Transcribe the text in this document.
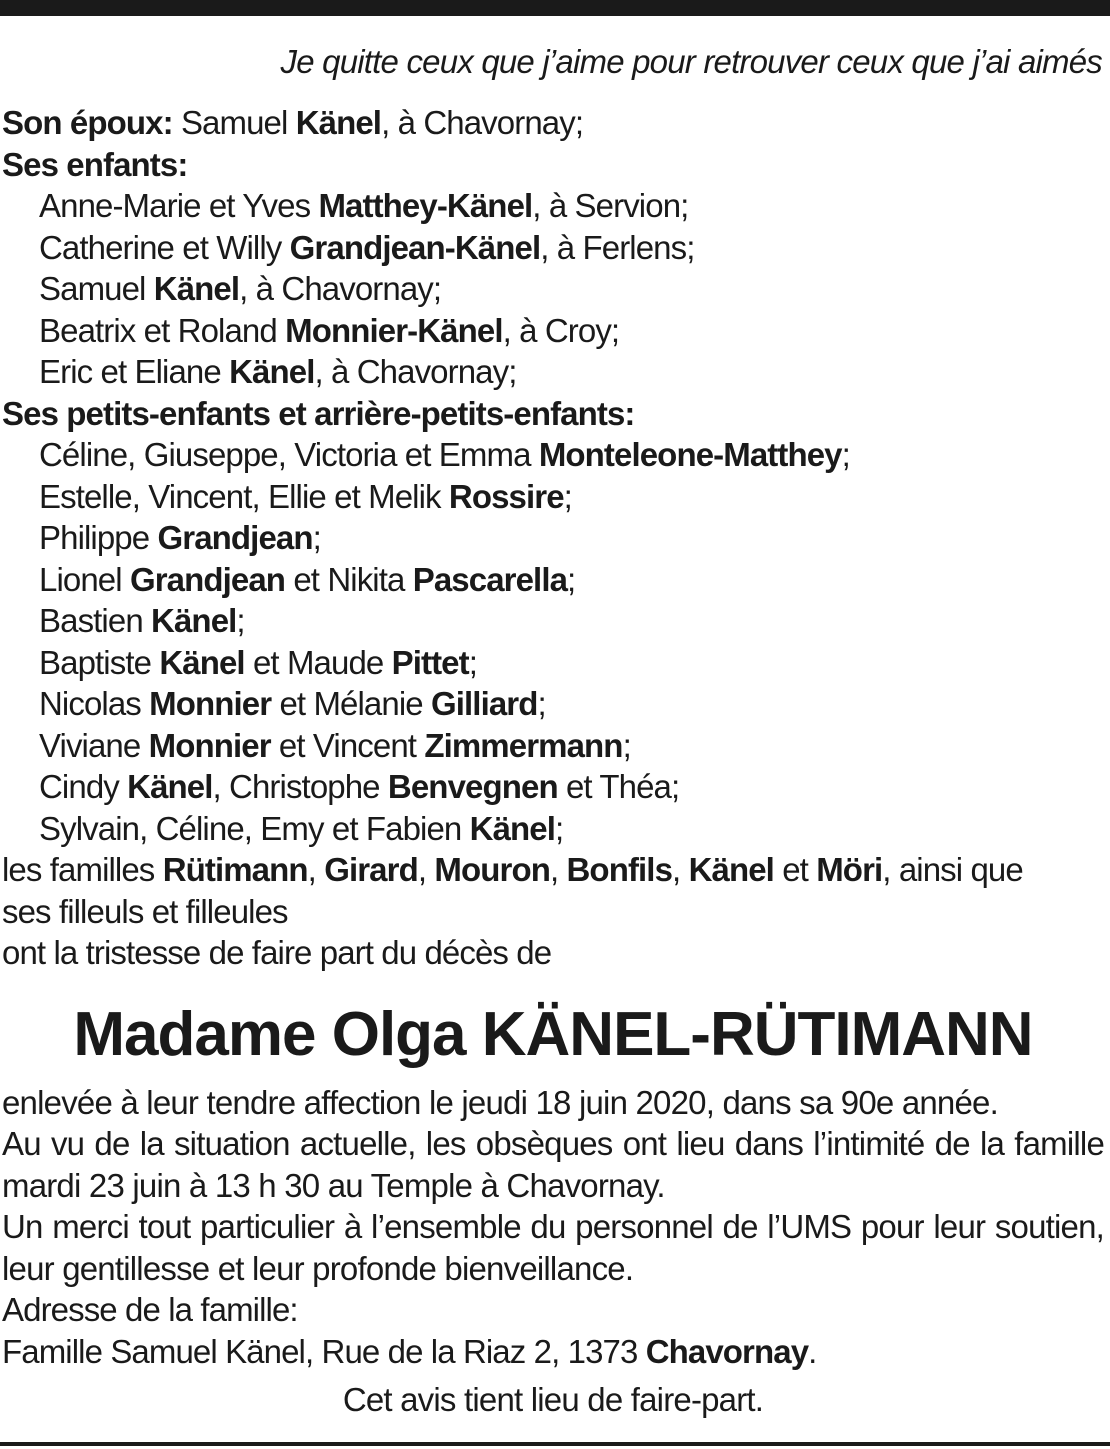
Je quitte ceux que j’aime pour retrouver ceux que j’ai aimés
Son époux: Samuel Känel, à Chavornay;
Ses enfants:
Anne-Marie et Yves Matthey-Känel, à Servion;
Catherine et Willy Grandjean-Känel, à Ferlens;
Samuel Känel, à Chavornay;
Beatrix et Roland Monnier-Känel, à Croy;
Eric et Eliane Känel, à Chavornay;
Ses petits-enfants et arrière-petits-enfants:
Céline, Giuseppe, Victoria et Emma Monteleone-Matthey;
Estelle, Vincent, Ellie et Melik Rossire;
Philippe Grandjean;
Lionel Grandjean et Nikita Pascarella;
Bastien Känel;
Baptiste Känel et Maude Pittet;
Nicolas Monnier et Mélanie Gilliard;
Viviane Monnier et Vincent Zimmermann;
Cindy Känel, Christophe Benvegnen et Théa;
Sylvain, Céline, Emy et Fabien Känel;
les familles Rütimann, Girard, Mouron, Bonfils, Känel et Möri, ainsi que
ses filleuls et filleules
ont la tristesse de faire part du décès de
Madame Olga KÄNEL-RÜTIMANN
enlevée à leur tendre affection le jeudi 18 juin 2020, dans sa 90e année.
Au vu de la situation actuelle, les obsèques ont lieu dans l’intimité de la famille mardi 23 juin à 13 h 30 au Temple à Chavornay.
Un merci tout particulier à l’ensemble du personnel de l’UMS pour leur soutien, leur gentillesse et leur profonde bienveillance.
Adresse de la famille:
Famille Samuel Känel, Rue de la Riaz 2, 1373 Chavornay.
Cet avis tient lieu de faire-part.
